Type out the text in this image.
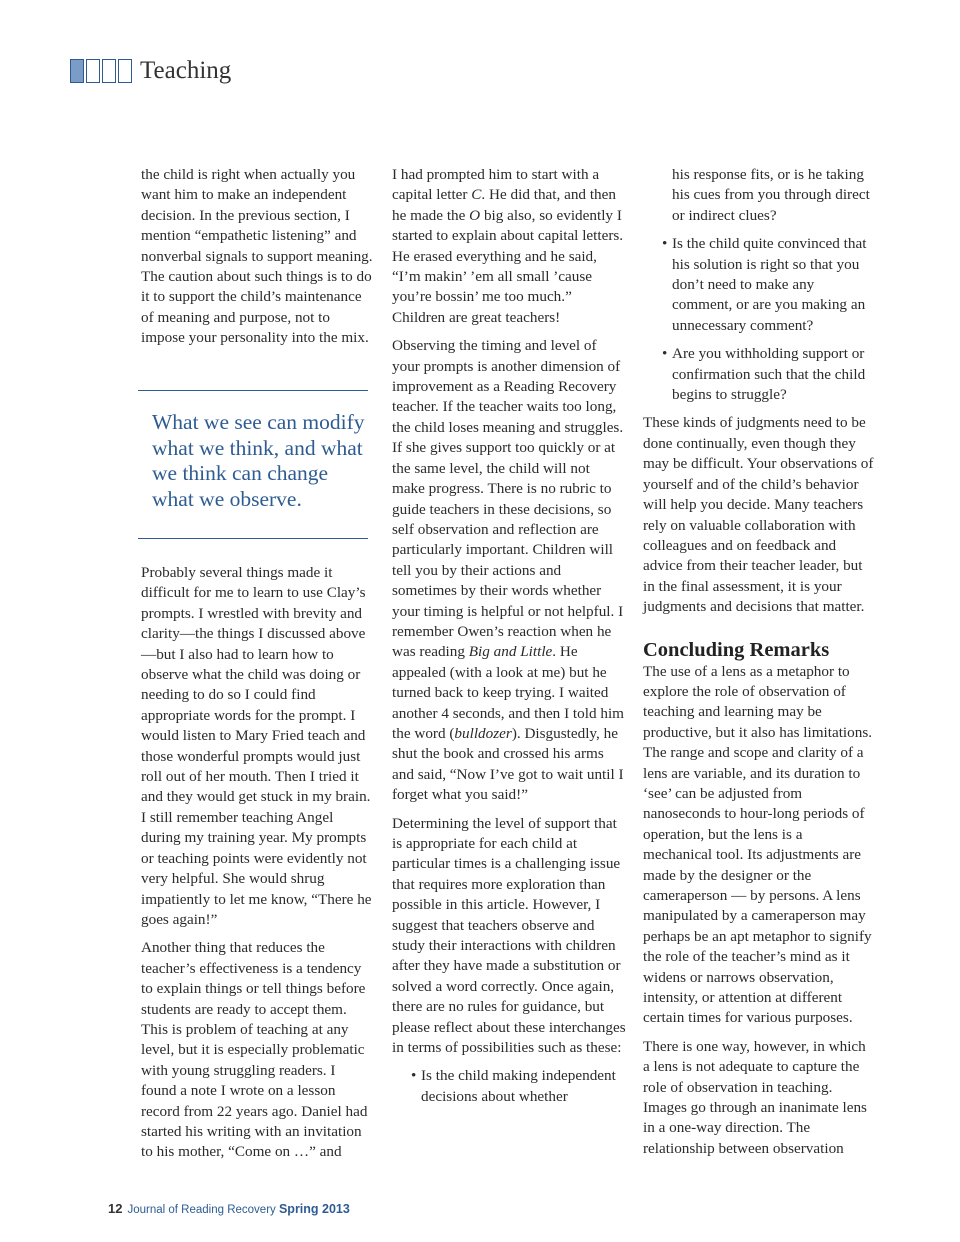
Teaching

the child is right when actually you want him to make an independent decision. In the previous section, I mention “empathetic listening” and nonverbal signals to support meaning. The caution about such things is to do it to support the child’s maintenance of meaning and purpose, not to impose your personality into the mix.

What we see can modify what we think, and what we think can change what we observe.

Probably several things made it difficult for me to learn to use Clay’s prompts. I wrestled with brevity and clarity—the things I discussed above—but I also had to learn how to observe what the child was doing or needing to do so I could find appropriate words for the prompt. I would listen to Mary Fried teach and those wonderful prompts would just roll out of her mouth. Then I tried it and they would get stuck in my brain. I still remember teaching Angel during my training year. My prompts or teaching points were evidently not very helpful. She would shrug impatiently to let me know, “There he goes again!”

Another thing that reduces the teacher’s effectiveness is a tendency to explain things or tell things before students are ready to accept them. This is problem of teaching at any level, but it is especially problematic with young struggling readers. I found a note I wrote on a lesson record from 22 years ago. Daniel had started his writing with an invitation to his mother, “Come on …” and

I had prompted him to start with a capital letter C. He did that, and then he made the O big also, so evidently I started to explain about capital letters. He erased everything and he said, “I’m makin’ ’em all small ’cause you’re bossin’ me too much.” Children are great teachers!

Observing the timing and level of your prompts is another dimension of improvement as a Reading Recovery teacher. If the teacher waits too long, the child loses meaning and struggles. If she gives support too quickly or at the same level, the child will not make progress. There is no rubric to guide teachers in these decisions, so self observation and reflection are particularly important. Children will tell you by their actions and sometimes by their words whether your timing is helpful or not helpful. I remember Owen’s reaction when he was reading Big and Little. He appealed (with a look at me) but he turned back to keep trying. I waited another 4 seconds, and then I told him the word (bulldozer). Disgustedly, he shut the book and crossed his arms and said, “Now I’ve got to wait until I forget what you said!”

Determining the level of support that is appropriate for each child at particular times is a challenging issue that requires more exploration than possible in this article. However, I suggest that teachers observe and study their interactions with children after they have made a substitution or solved a word correctly. Once again, there are no rules for guidance, but please reflect about these interchanges in terms of possibilities such as these:

• Is the child making independent decisions about whether

his response fits, or is he taking his cues from you through direct or indirect clues?

• Is the child quite convinced that his solution is right so that you don’t need to make any comment, or are you making an unnecessary comment?
• Are you withholding support or confirmation such that the child begins to struggle?

These kinds of judgments need to be done continually, even though they may be difficult. Your observations of yourself and of the child’s behavior will help you decide. Many teachers rely on valuable collaboration with colleagues and on feedback and advice from their teacher leader, but in the final assessment, it is your judgments and decisions that matter.

Concluding Remarks

The use of a lens as a metaphor to explore the role of observation of teaching and learning may be productive, but it also has limitations. The range and scope and clarity of a lens are variable, and its duration to ‘see’ can be adjusted from nanoseconds to hour-long periods of operation, but the lens is a mechanical tool. Its adjustments are made by the designer or the cameraperson — by persons. A lens manipulated by a cameraperson may perhaps be an apt metaphor to signify the role of the teacher’s mind as it widens or narrows observation, intensity, or attention at different certain times for various purposes.

There is one way, however, in which a lens is not adequate to capture the role of observation in teaching. Images go through an inanimate lens in a one-way direction. The relationship between observation

12 Journal of Reading Recovery Spring 2013
